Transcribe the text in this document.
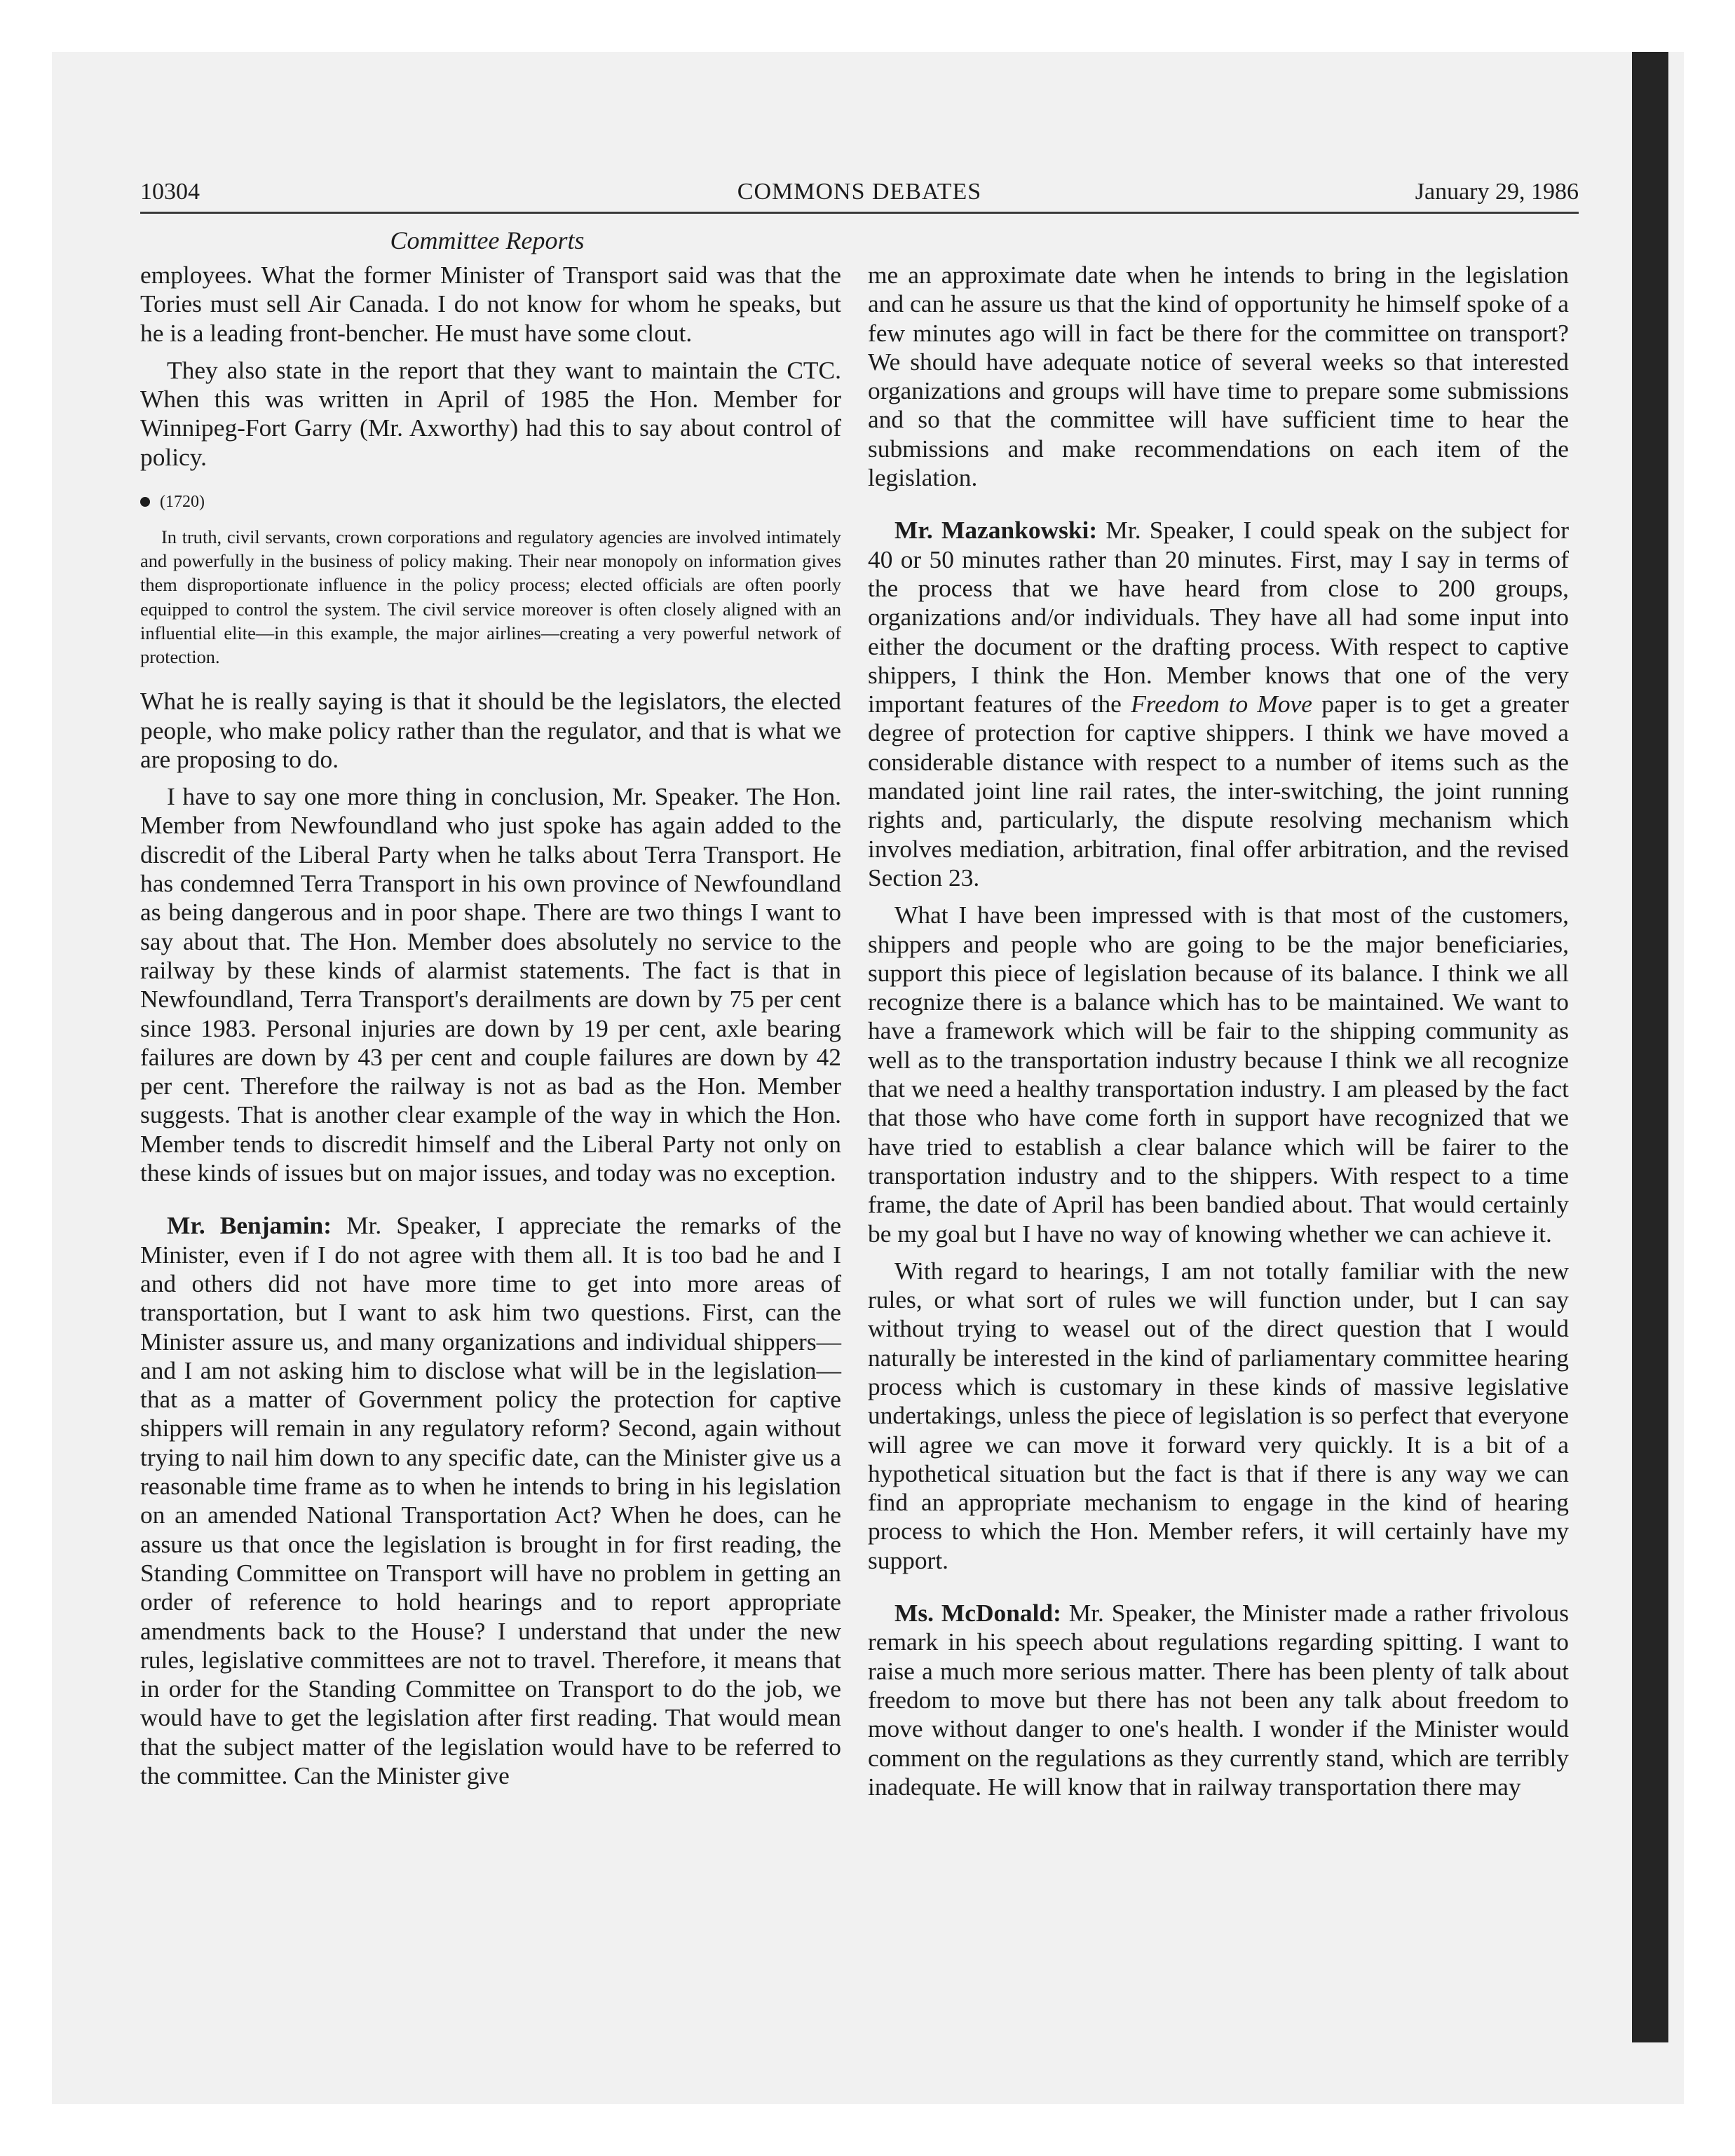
10304	COMMONS DEBATES	January 29, 1986
Committee Reports

employees. What the former Minister of Transport said was that the Tories must sell Air Canada. I do not know for whom he speaks, but he is a leading front-bencher. He must have some clout.

They also state in the report that they want to maintain the CTC. When this was written in April of 1985 the Hon. Member for Winnipeg-Fort Garry (Mr. Axworthy) had this to say about control of policy.

(1720)

In truth, civil servants, crown corporations and regulatory agencies are involved intimately and powerfully in the business of policy making. Their near monopoly on information gives them disproportionate influence in the policy process; elected officials are often poorly equipped to control the system. The civil service moreover is often closely aligned with an influential elite—in this example, the major airlines—creating a very powerful network of protection.

What he is really saying is that it should be the legislators, the elected people, who make policy rather than the regulator, and that is what we are proposing to do.

I have to say one more thing in conclusion, Mr. Speaker. The Hon. Member from Newfoundland who just spoke has again added to the discredit of the Liberal Party when he talks about Terra Transport. He has condemned Terra Transport in his own province of Newfoundland as being dangerous and in poor shape. There are two things I want to say about that. The Hon. Member does absolutely no service to the railway by these kinds of alarmist statements. The fact is that in Newfoundland, Terra Transport's derailments are down by 75 per cent since 1983. Personal injuries are down by 19 per cent, axle bearing failures are down by 43 per cent and couple failures are down by 42 per cent. Therefore the railway is not as bad as the Hon. Member suggests. That is another clear example of the way in which the Hon. Member tends to discredit himself and the Liberal Party not only on these kinds of issues but on major issues, and today was no exception.

Mr. Benjamin: Mr. Speaker, I appreciate the remarks of the Minister, even if I do not agree with them all. It is too bad he and I and others did not have more time to get into more areas of transportation, but I want to ask him two questions. First, can the Minister assure us, and many organizations and individual shippers—and I am not asking him to disclose what will be in the legislation—that as a matter of Government policy the protection for captive shippers will remain in any regulatory reform? Second, again without trying to nail him down to any specific date, can the Minister give us a reasonable time frame as to when he intends to bring in his legislation on an amended National Transportation Act? When he does, can he assure us that once the legislation is brought in for first reading, the Standing Committee on Transport will have no problem in getting an order of reference to hold hearings and to report appropriate amendments back to the House? I understand that under the new rules, legislative committees are not to travel. Therefore, it means that in order for the Standing Committee on Transport to do the job, we would have to get the legislation after first reading. That would mean that the subject matter of the legislation would have to be referred to the committee. Can the Minister give

me an approximate date when he intends to bring in the legislation and can he assure us that the kind of opportunity he himself spoke of a few minutes ago will in fact be there for the committee on transport? We should have adequate notice of several weeks so that interested organizations and groups will have time to prepare some submissions and so that the committee will have sufficient time to hear the submissions and make recommendations on each item of the legislation.

Mr. Mazankowski: Mr. Speaker, I could speak on the subject for 40 or 50 minutes rather than 20 minutes. First, may I say in terms of the process that we have heard from close to 200 groups, organizations and/or individuals. They have all had some input into either the document or the drafting process. With respect to captive shippers, I think the Hon. Member knows that one of the very important features of the Freedom to Move paper is to get a greater degree of protection for captive shippers. I think we have moved a considerable distance with respect to a number of items such as the mandated joint line rail rates, the inter-switching, the joint running rights and, particularly, the dispute resolving mechanism which involves mediation, arbitration, final offer arbitration, and the revised Section 23.

What I have been impressed with is that most of the customers, shippers and people who are going to be the major beneficiaries, support this piece of legislation because of its balance. I think we all recognize there is a balance which has to be maintained. We want to have a framework which will be fair to the shipping community as well as to the transportation industry because I think we all recognize that we need a healthy transportation industry. I am pleased by the fact that those who have come forth in support have recognized that we have tried to establish a clear balance which will be fairer to the transportation industry and to the shippers. With respect to a time frame, the date of April has been bandied about. That would certainly be my goal but I have no way of knowing whether we can achieve it.

With regard to hearings, I am not totally familiar with the new rules, or what sort of rules we will function under, but I can say without trying to weasel out of the direct question that I would naturally be interested in the kind of parliamentary committee hearing process which is customary in these kinds of massive legislative undertakings, unless the piece of legislation is so perfect that everyone will agree we can move it forward very quickly. It is a bit of a hypothetical situation but the fact is that if there is any way we can find an appropriate mechanism to engage in the kind of hearing process to which the Hon. Member refers, it will certainly have my support.

Ms. McDonald: Mr. Speaker, the Minister made a rather frivolous remark in his speech about regulations regarding spitting. I want to raise a much more serious matter. There has been plenty of talk about freedom to move but there has not been any talk about freedom to move without danger to one's health. I wonder if the Minister would comment on the regulations as they currently stand, which are terribly inadequate. He will know that in railway transportation there may
